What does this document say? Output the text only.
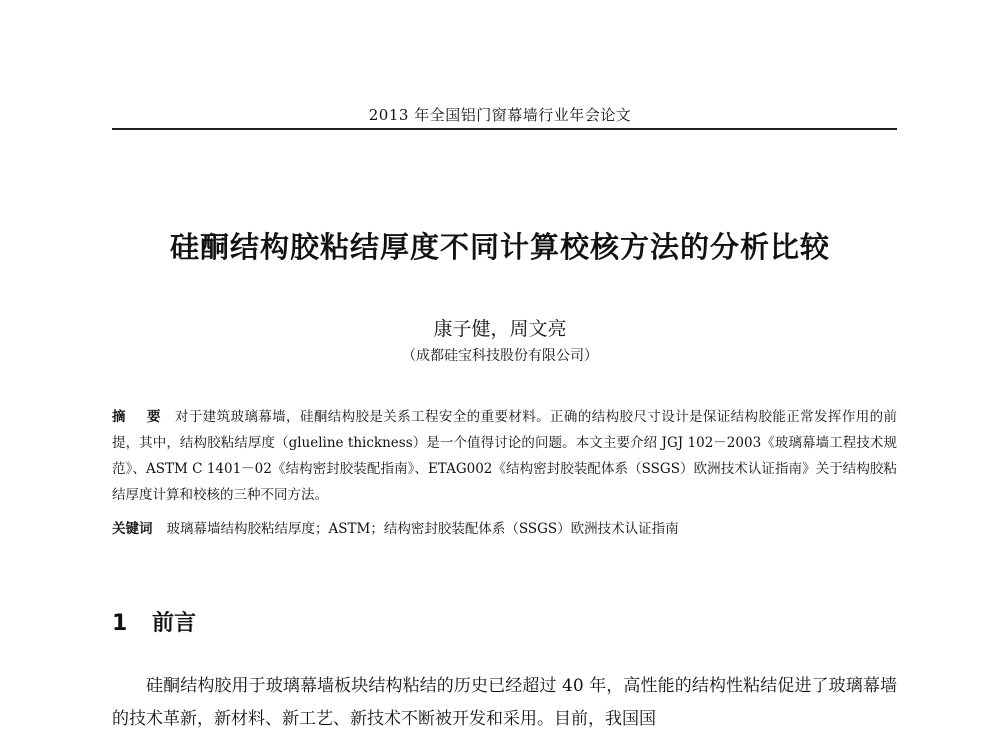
2013 年全国铝门窗幕墙行业年会论文
硅酮结构胶粘结厚度不同计算校核方法的分析比较
康子健，周文亮
（成都硅宝科技股份有限公司）
摘 要 对于建筑玻璃幕墙，硅酮结构胶是关系工程安全的重要材料。正确的结构胶尺寸设计是保证结构胶能正常发挥作用的前提，其中，结构胶粘结厚度（glueline thickness）是一个值得讨论的问题。本文主要介绍 JGJ 102－2003《玻璃幕墙工程技术规范》、ASTM C 1401－02《结构密封胶装配指南》、ETAG002《结构密封胶装配体系（SSGS）欧洲技术认证指南》关于结构胶粘结厚度计算和校核的三种不同方法。
关键词 玻璃幕墙结构胶粘结厚度；ASTM；结构密封胶装配体系（SSGS）欧洲技术认证指南
1 前言
硅酮结构胶用于玻璃幕墙板块结构粘结的历史已经超过 40 年，高性能的结构性粘结促进了玻璃幕墙的技术革新，新材料、新工艺、新技术不断被开发和采用。目前，我国国
